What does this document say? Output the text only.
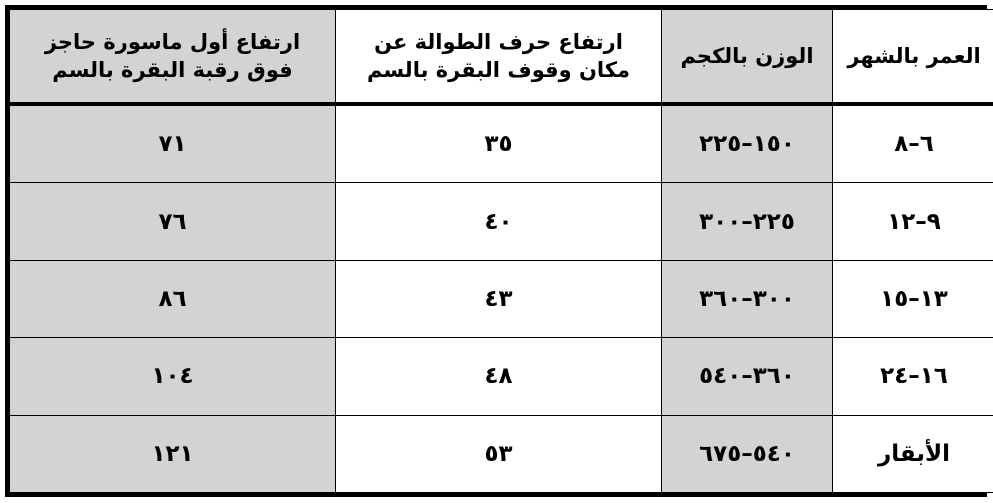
العمر بالشهر	الوزن بالكجم	ارتفاع حرف الطوالة عن مكان وقوف البقرة بالسم	ارتفاع أول ماسورة حاجز فوق رقبة البقرة بالسم
٦–٨	١٥٠–٢٢٥	٣٥	٧١
٩–١٢	٢٢٥–٣٠٠	٤٠	٧٦
١٣–١٥	٣٠٠–٣٦٠	٤٣	٨٦
١٦–٢٤	٣٦٠–٥٤٠	٤٨	١٠٤
الأبقار	٥٤٠–٦٧٥	٥٣	١٢١
